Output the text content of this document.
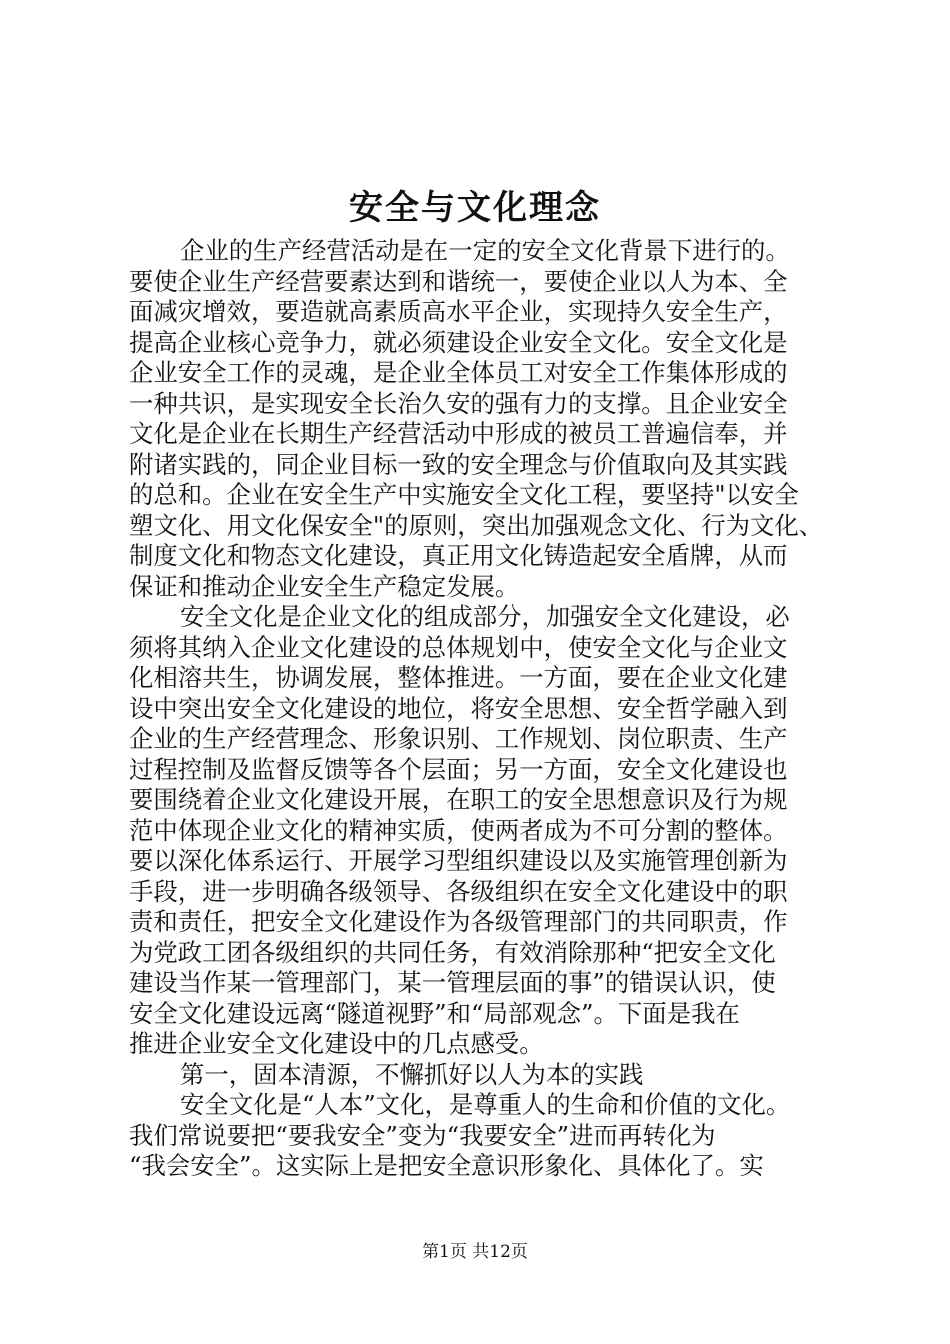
安全与文化理念
企业的生产经营活动是在一定的安全文化背景下进行的。
要使企业生产经营要素达到和谐统一，要使企业以人为本、全
面减灾增效，要造就高素质高水平企业，实现持久安全生产，
提高企业核心竞争力，就必须建设企业安全文化。安全文化是
企业安全工作的灵魂，是企业全体员工对安全工作集体形成的
一种共识，是实现安全长治久安的强有力的支撑。且企业安全
文化是企业在长期生产经营活动中形成的被员工普遍信奉，并
附诸实践的，同企业目标一致的安全理念与价值取向及其实践
的总和。企业在安全生产中实施安全文化工程，要坚持"以安全
塑文化、用文化保安全"的原则，突出加强观念文化、行为文化、
制度文化和物态文化建设，真正用文化铸造起安全盾牌，从而
保证和推动企业安全生产稳定发展。
安全文化是企业文化的组成部分，加强安全文化建设，必
须将其纳入企业文化建设的总体规划中，使安全文化与企业文
化相溶共生，协调发展，整体推进。一方面，要在企业文化建
设中突出安全文化建设的地位，将安全思想、安全哲学融入到
企业的生产经营理念、形象识别、工作规划、岗位职责、生产
过程控制及监督反馈等各个层面；另一方面，安全文化建设也
要围绕着企业文化建设开展，在职工的安全思想意识及行为规
范中体现企业文化的精神实质，使两者成为不可分割的整体。
要以深化体系运行、开展学习型组织建设以及实施管理创新为
手段，进一步明确各级领导、各级组织在安全文化建设中的职
责和责任，把安全文化建设作为各级管理部门的共同职责，作
为党政工团各级组织的共同任务，有效消除那种“把安全文化
建设当作某一管理部门，某一管理层面的事”的错误认识，使
安全文化建设远离“隧道视野”和“局部观念”。下面是我在
推进企业安全文化建设中的几点感受。
第一，固本清源，不懈抓好以人为本的实践
安全文化是“人本”文化，是尊重人的生命和价值的文化。
我们常说要把“要我安全”变为“我要安全”进而再转化为
“我会安全”。这实际上是把安全意识形象化、具体化了。实
第1页 共12页
